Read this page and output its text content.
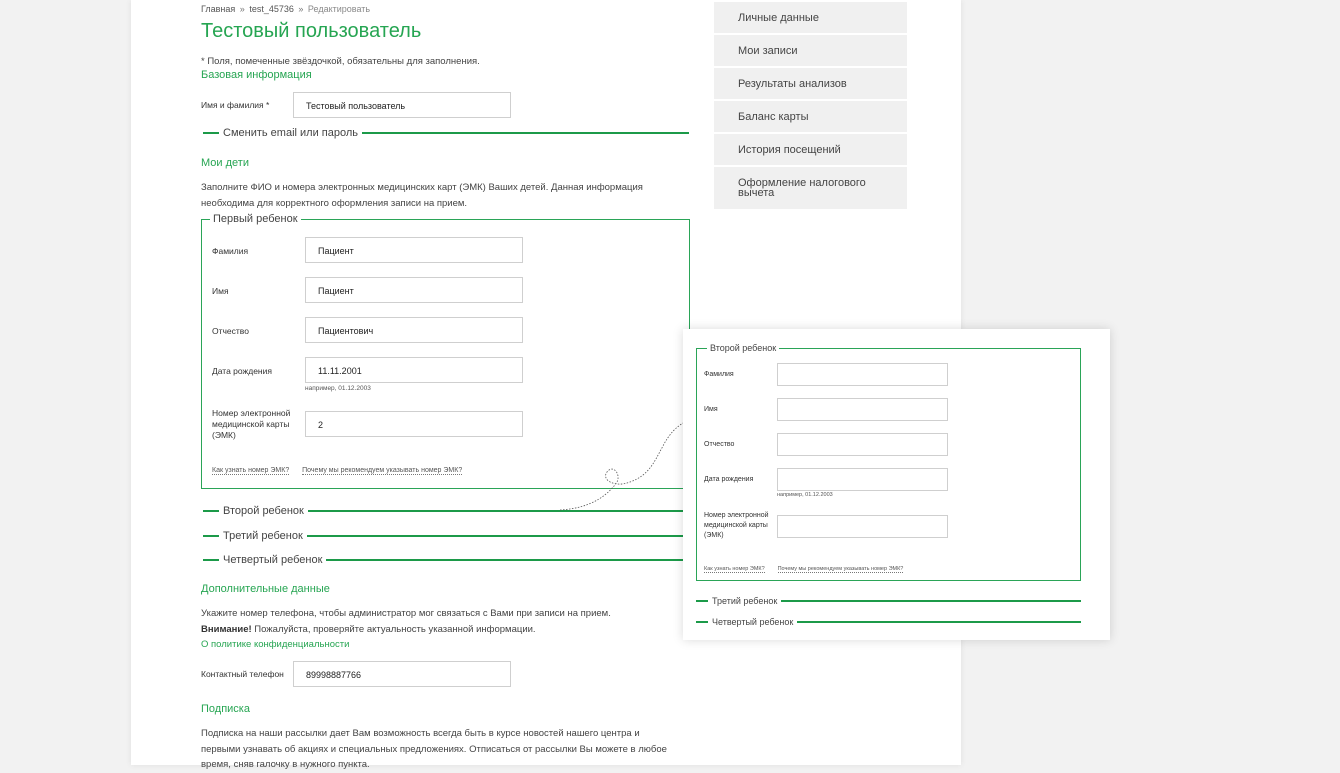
Главная » test_45736 » Редактировать
Тестовый пользователь
* Поля, помеченные звёздочкой, обязательны для заполнения.
Базовая информация
Имя и фамилия *	Тестовый пользователь
Сменить email или пароль
Мои дети
Заполните ФИО и номера электронных медицинских карт (ЭМК) Ваших детей. Данная информация
необходима для корректного оформления записи на прием.
Первый ребенок
Фамилия	Пациент
Имя	Пациент
Отчество	Пациентович
Дата рождения	11.11.2001
например, 01.12.2003
Номер электронной
медицинской карты
(ЭМК)
2
Как узнать номер ЭМК? Почему мы рекомендуем указывать номер ЭМК?
Второй ребенок
Третий ребенок
Четвертый ребенок
Дополнительные данные
Укажите номер телефона, чтобы администратор мог связаться с Вами при записи на прием.
Внимание! Пожалуйста, проверяйте актуальность указанной информации.
О политике конфиденциальности
Контактный телефон	89998887766
Подписка
Подписка на наши рассылки дает Вам возможность всегда быть в курсе новостей нашего центра и
первыми узнавать об акциях и специальных предложениях. Отписаться от рассылки Вы можете в любое
время, сняв галочку в нужного пункта.
Личные данные
Мои записи
Результаты анализов
Баланс карты
История посещений
Оформление налогового вычета
Второй ребенок
Фамилия
Имя
Отчество
Дата рождения
например, 01.12.2003
Номер электронной
медицинской карты
(ЭМК)
Как узнать номер ЭМК? Почему мы рекомендуем указывать номер ЭМК?
Третий ребенок
Четвертый ребенок
